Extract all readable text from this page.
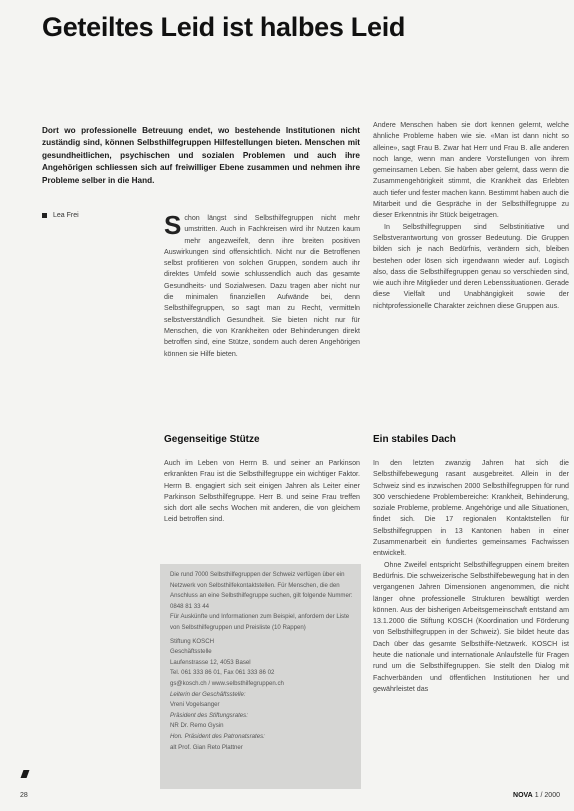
Geteiltes Leid ist halbes Leid
Dort wo professionelle Betreuung endet, wo bestehende Institutionen nicht zuständig sind, können Selbsthilfegruppen Hilfestellungen bieten. Menschen mit gesundheitlichen, psychischen und sozialen Problemen und auch ihre Angehörigen schliessen sich auf freiwilliger Ebene zusammen und nehmen ihre Probleme selber in die Hand.
Lea Frei	Schon längst sind Selbsthilfegruppen nicht mehr umstritten. Auch in Fachkreisen wird ihr Nutzen kaum mehr angezweifelt, denn ihre breiten positiven Auswirkungen sind offensichtlich. Nicht nur die Betroffenen selbst profitieren von solchen Gruppen, sondern auch ihr direktes Umfeld sowie schlussendlich auch das gesamte Gesundheits- und Sozialwesen. Dazu tragen aber nicht nur die minimalen finanziellen Aufwände bei, denn Selbsthilfegruppen, so sagt man zu Recht, vermitteln selbstverständlich Gesundheit. Sie bieten nicht nur für Menschen, die von Krankheiten oder Behinderungen direkt betroffen sind, eine Stütze, sondern auch deren Angehörigen können sie Hilfe bieten.

Gegenseitige Stütze

Auch im Leben von Herrn B. und seiner an Parkinson erkrankten Frau ist die Selbsthilfegruppe ein wichtiger Faktor. Herrn B. engagiert sich seit einigen Jahren als Leiter einer Parkinson Selbsthilfegruppe. Herr B. und seine Frau treffen sich dort alle sechs Wochen mit anderen, die von gleichem Leid betroffen sind.

Die rund 7000 Selbsthilfegruppen der Schweiz verfügen über ein Netzwerk von Selbsthilfekontaktstellen. Für Menschen, die den Anschluss an eine Selbsthilfegruppe suchen, gilt folgende Nummer: 0848 81 33 44

Für Auskünfte und Informationen zum Beispiel, anfordern der Liste von Selbsthilfegruppen und Preisliste (10 Rappen)

Stiftung KOSCH

Geschäftsstelle

Laufenstrasse 12, 4053 Basel

Tel. 061 333 86 01, Fax 061 333 86 02

gs@kosch.ch / www.selbsthilfegruppen.ch

Leiterin der Geschäftsstelle:

Vreni Vogelsanger

Präsident des Stiftungsrates:

NR Dr. Remo Gysin

Hon. Präsident des Patronatsrates:

alt Prof. Gian Reto Plattner

Andere Menschen haben sie dort kennen gelernt, welche ähnliche Probleme haben wie sie. «Man ist dann nicht so alleine», sagt Frau B. Zwar hat Herr und Frau B. alle anderen noch lange, wenn man andere Vorstellungen von ihrem gemeinsamen Leben. Sie haben aber gelernt, dass wenn die Zusammengehörigkeit stimmt, die Krankheit das Erlebten auch tiefer und fester machen kann. Bestimmt haben auch die Mitarbeit und die Gespräche in der Selbsthilfegruppe zu dieser Erkenntnis ihr Stück beigetragen.

In Selbsthilfegruppen sind Selbstinitiative und Selbstverantwortung von grosser Bedeutung. Die Gruppen bilden sich je nach Bedürfnis, verändern sich, bleiben bestehen oder lösen sich irgendwann wieder auf. Logisch also, dass die Selbsthilfegruppen genau so verschieden sind, wie auch ihre Mitglieder und deren Lebenssituationen. Gerade diese Vielfalt und Unabhängigkeit sowie der nichtprofessionelle Charakter zeichnen diese Gruppen aus.

Ein stabiles Dach

In den letzten zwanzig Jahren hat sich die Selbsthilfebewegung rasant ausgebreitet. Allein in der Schweiz sind es inzwischen 2000 Selbsthilfegruppen für rund 300 verschiedene Problembereiche: Krankheit, Behinderung, soziale Probleme, probleme. Angehörige und alle Situationen, findet sich. Die 17 regionalen Kontaktstellen für Selbsthilfegruppen in 13 Kantonen haben in einer Zusammenarbeit ein fundiertes gemeinsames Fachwissen entwickelt.

Ohne Zweifel entspricht Selbsthilfegruppen einem breiten Bedürfnis. Die schweizerische Selbsthilfebewegung hat in den vergangenen Jahren Dimensionen angenommen, die nicht länger ohne professionelle Strukturen bewältigt werden können. Aus der bisherigen Arbeitsgemeinschaft entstand am 13.1.2000 die Stiftung KOSCH (Koordination und Förderung von Selbsthilfegruppen in der Schweiz). Sie bildet heute das Dach über das gesamte Selbsthilfe-Netzwerk. KOSCH ist heute die nationale und internationale Anlaufstelle für Fragen rund um die Selbsthilfegruppen. Sie stellt den Dialog mit Fachverbänden und öffentlichen Institutionen her und gewährleistet das

28	NOVA 1 / 2000
